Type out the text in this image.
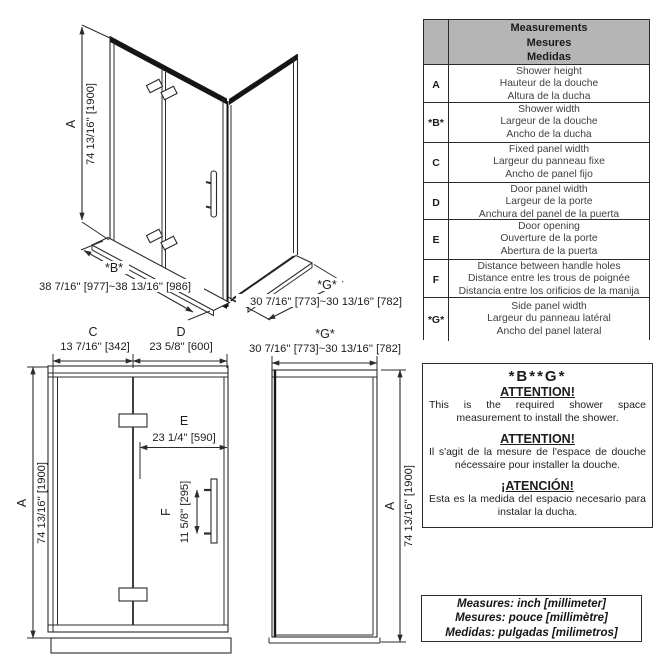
A 74 13/16'' [1900]
*B*
38 7/16'' [977]~38 13/16'' [986]	*G*
30 7/16'' [773]~30 13/16'' [782]
C	D
13 7/16'' [342] 23 5/8'' [600]
E
23 1/4'' [590]
F 11 5/8'' [295]
A 74 13/16'' [1900]
*G*
30 7/16'' [773]~30 13/16'' [782]
A 74 13/16'' [1900]
Measurements
Mesures
Medidas
A
Shower height
Hauteur de la douche
Altura de la ducha
*B*
Shower width
Largeur de la douche
Ancho de la ducha
C
Fixed panel width
Largeur du panneau fixe
Ancho de panel fijo
D
Door panel width
Largeur de la porte
Anchura del panel de la puerta
E
Door opening
Ouverture de la porte
Abertura de la puerta
F
Distance between handle holes
Distance entre les trous de poignée
Distancia entre los orificios de la manija
*G*
Side panel width
Largeur du panneau latéral
Ancho del panel lateral
*B**G*
ATTENTION!
This is the required shower space measurement to install the shower.
ATTENTION!
Il s'agit de la mesure de l'espace de douche nécessaire pour installer la douche.
¡ATENCIÓN!
Esta es la medida del espacio necesario para instalar la ducha.
Measures: inch [millimeter]
Mesures: pouce [millimètre]
Medidas: pulgadas [milimetros]
